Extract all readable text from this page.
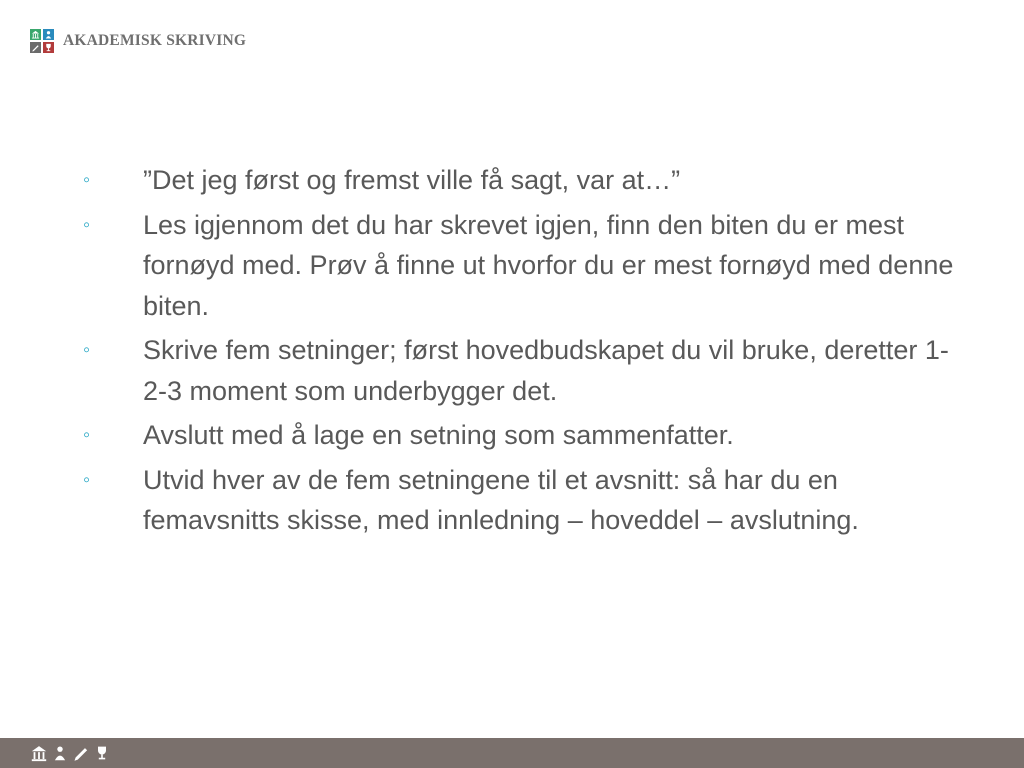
AKADEMISK SKRIVING
◦ ”Det jeg først og fremst ville få sagt, var at…”
◦ Les igjennom det du har skrevet igjen, finn den biten du er mest fornøyd med. Prøv å finne ut hvorfor du er mest fornøyd med denne biten.
◦ Skrive fem setninger; først hovedbudskapet du vil bruke, deretter 1-2-3 moment som underbygger det.
◦ Avslutt med å lage en setning som sammenfatter.
◦ Utvid hver av de fem setningene til et avsnitt: så har du en femavsnitts skisse, med innledning – hoveddel – avslutning.
